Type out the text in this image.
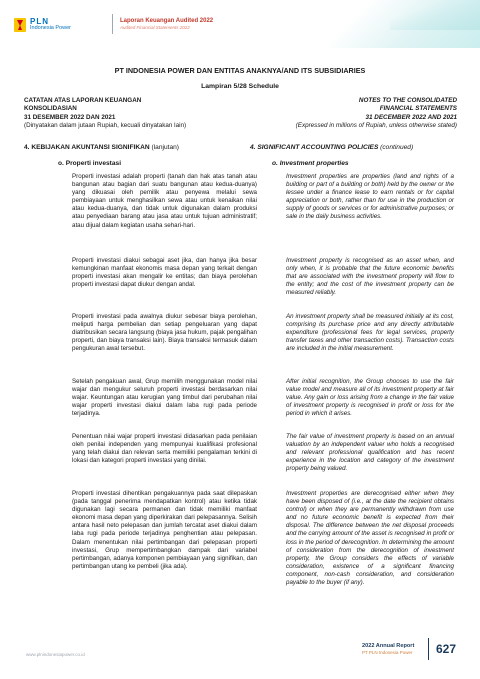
PLN
Indonesia Power
Laporan Keuangan Audited 2022
Audited Financial Statements 2022
PT INDONESIA POWER DAN ENTITAS ANAKNYA/AND ITS SUBSIDIARIES
Lampiran 5/28 Schedule
CATATAN ATAS LAPORAN KEUANGAN
KONSOLIDASIAN
31 DESEMBER 2022 DAN 2021
(Dinyatakan dalam jutaan Rupiah, kecuali dinyatakan lain)
NOTES TO THE CONSOLIDATED
FINANCIAL STATEMENTS
31 DECEMBER 2022 AND 2021
(Expressed in millions of Rupiah, unless otherwise stated)
4. KEBIJAKAN AKUNTANSI SIGNIFIKAN (lanjutan)	4. SIGNIFICANT ACCOUNTING POLICIES (continued)
o. Properti investasi	o. Investment properties
Properti investasi adalah properti (tanah dan hak atas tanah atau bangunan atau bagian dari suatu bangunan atau kedua-duanya) yang dikuasai oleh pemilik atau penyewa melalui sewa pembiayaan untuk menghasilkan sewa atau untuk kenaikan nilai atau kedua-duanya, dan tidak untuk digunakan dalam produksi atau penyediaan barang atau jasa atau untuk tujuan administratif; atau dijual dalam kegiatan usaha sehari-hari.
Investment properties are properties (land and rights of a building or part of a building or both) held by the owner or the lessee under a finance lease to earn rentals or for capital appreciation or both, rather than for use in the production or supply of goods or services or for administrative purposes; or sale in the daily business activities.
Properti investasi diakui sebagai aset jika, dan hanya jika besar kemungkinan manfaat ekonomis masa depan yang terkait dengan properti investasi akan mengalir ke entitas; dan biaya perolehan properti investasi dapat diukur dengan andal.
Investment property is recognised as an asset when, and only when, it is probable that the future economic benefits that are associated with the investment property will flow to the entity; and the cost of the investment property can be measured reliably.
Properti investasi pada awalnya diukur sebesar biaya perolehan, meliputi harga pembelian dan setiap pengeluaran yang dapat diatribusikan secara langsung (biaya jasa hukum, pajak pengalihan properti, dan biaya transaksi lain). Biaya transaksi termasuk dalam pengukuran awal tersebut.
An investment property shall be measured initially at its cost, comprising its purchase price and any directly attributable expenditure (professional fees for legal services, property transfer taxes and other transaction costs). Transaction costs are included in the initial measurement.
Setelah pengakuan awal, Grup memilih menggunakan model nilai wajar dan mengukur seluruh properti investasi berdasarkan nilai wajar. Keuntungan atau kerugian yang timbul dari perubahan nilai wajar properti investasi diakui dalam laba rugi pada periode terjadinya.
After initial recognition, the Group chooses to use the fair value model and measure all of its investment property at fair value. Any gain or loss arising from a change in the fair value of investment property is recognised in profit or loss for the period in which it arises.
Penentuan nilai wajar properti investasi didasarkan pada penilaian oleh penilai independen yang mempunyai kualifikasi profesional yang telah diakui dan relevan serta memiliki pengalaman terkini di lokasi dan kategori properti investasi yang dinilai.
The fair value of investment property is based on an annual valuation by an independent valuer who holds a recognised and relevant professional qualification and has recent experience in the location and category of the investment property being valued.
Properti investasi dihentikan pengakuannya pada saat dilepaskan (pada tanggal penerima mendapatkan kontrol) atau ketika tidak digunakan lagi secara permanen dan tidak memiliki manfaat ekonomi masa depan yang diperkirakan dari pelepasannya. Selisih antara hasil neto pelepasan dan jumlah tercatat aset diakui dalam laba rugi pada periode terjadinya penghentian atau pelepasan. Dalam menentukan nilai pertimbangan dari pelepasan properti investasi, Grup mempertimbangkan dampak dari variabel pertimbangan, adanya komponen pembiayaan yang signifikan, dan pertimbangan utang ke pembeli (jika ada).
Investment properties are derecognised either when they have been disposed of (i.e., at the date the recipient obtains control) or when they are permanently withdrawn from use and no future economic benefit is expected from their disposal. The difference between the net disposal proceeds and the carrying amount of the asset is recognised in profit or loss in the period of derecognition. In determining the amount of consideration from the derecognition of investment property, the Group considers the effects of variable consideration, existence of a significant financing component, non-cash consideration, and consideration payable to the buyer (if any).
www.plnindonesiapower.co.id
2022 Annual Report
PT PLN Indonesia Power 627
